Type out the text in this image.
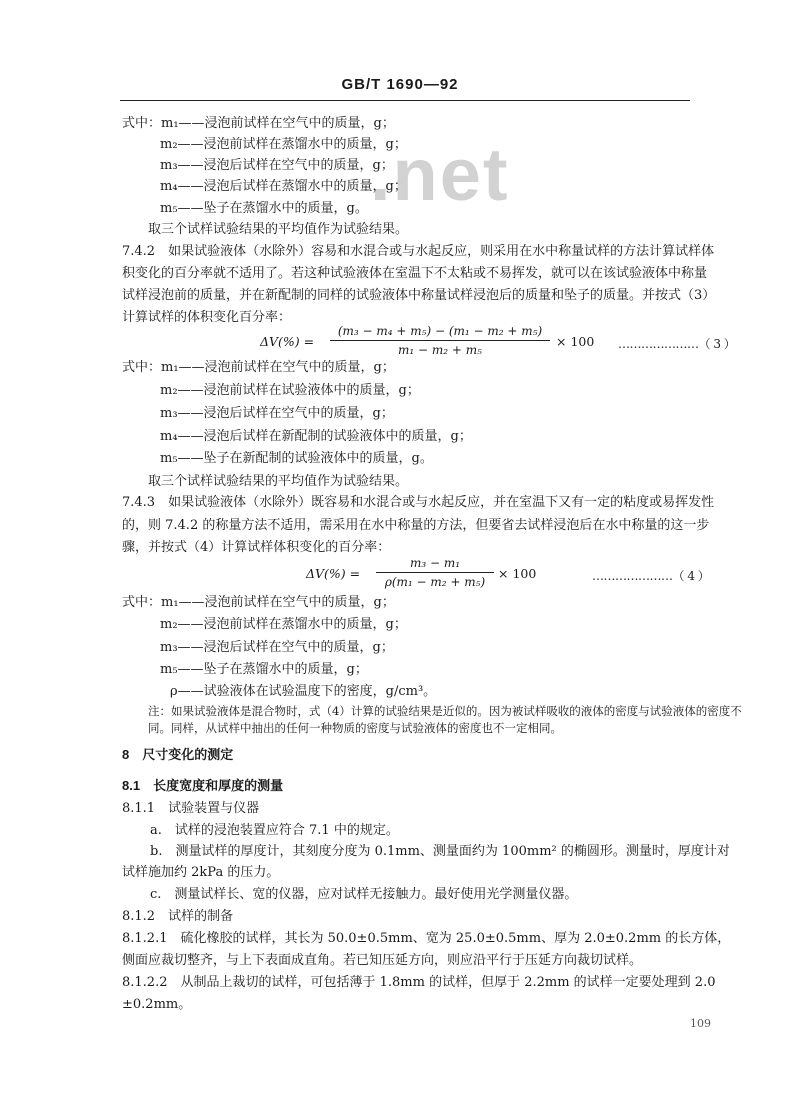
GB/T 1690—92
.net
式中：m₁——浸泡前试样在空气中的质量，g；
m₂——浸泡前试样在蒸馏水中的质量，g；
m₃——浸泡后试样在空气中的质量，g；
m₄——浸泡后试样在蒸馏水中的质量，g；
m₅——坠子在蒸馏水中的质量，g。
取三个试样试验结果的平均值作为试验结果。
7.4.2　如果试验液体（水除外）容易和水混合或与水起反应，则采用在水中称量试样的方法计算试样体
积变化的百分率就不适用了。若这种试验液体在室温下不太粘或不易挥发，就可以在该试验液体中称量
试样浸泡前的质量，并在新配制的同样的试验液体中称量试样浸泡后的质量和坠子的质量。并按式（3）
计算试样的体积变化百分率：
ΔV(%) =
(m₃ − m₄ + m₅) − (m₁ − m₂ + m₅)
m₁ − m₂ + m₅
× 100 …………………（ 3 ）
式中：m₁——浸泡前试样在空气中的质量，g；
m₂——浸泡前试样在试验液体中的质量，g；
m₃——浸泡后试样在空气中的质量，g；
m₄——浸泡后试样在新配制的试验液体中的质量，g；
m₅——坠子在新配制的试验液体中的质量，g。
取三个试样试验结果的平均值作为试验结果。
7.4.3　如果试验液体（水除外）既容易和水混合或与水起反应，并在室温下又有一定的粘度或易挥发性
的，则 7.4.2 的称量方法不适用，需采用在水中称量的方法，但要省去试样浸泡后在水中称量的这一步
骤，并按式（4）计算试样体积变化的百分率：
ΔV(%) =
m₃ − m₁
ρ(m₁ − m₂ + m₅)
× 100	…………………（ 4 ）
式中：m₁——浸泡前试样在空气中的质量，g；
m₂——浸泡前试样在蒸馏水中的质量，g；
m₃——浸泡后试样在空气中的质量，g；
m₅——坠子在蒸馏水中的质量，g；
ρ——试验液体在试验温度下的密度，g/cm³。
注：如果试验液体是混合物时，式（4）计算的试验结果是近似的。因为被试样吸收的液体的密度与试验液体的密度不
同。同样，从试样中抽出的任何一种物质的密度与试验液体的密度也不一定相同。
8　尺寸变化的测定
8.1　长度宽度和厚度的测量
8.1.1　试验装置与仪器
a.　试样的浸泡装置应符合 7.1 中的规定。
b.　测量试样的厚度计，其刻度分度为 0.1mm、测量面约为 100mm² 的椭圆形。测量时，厚度计对
试样施加约 2kPa 的压力。
c.　测量试样长、宽的仪器，应对试样无接触力。最好使用光学测量仪器。
8.1.2　试样的制备
8.1.2.1　硫化橡胶的试样，其长为 50.0±0.5mm、宽为 25.0±0.5mm、厚为 2.0±0.2mm 的长方体，
侧面应裁切整齐，与上下表面成直角。若已知压延方向，则应沿平行于压延方向裁切试样。
8.1.2.2　从制品上裁切的试样，可包括薄于 1.8mm 的试样，但厚于 2.2mm 的试样一定要处理到 2.0
±0.2mm。
109
